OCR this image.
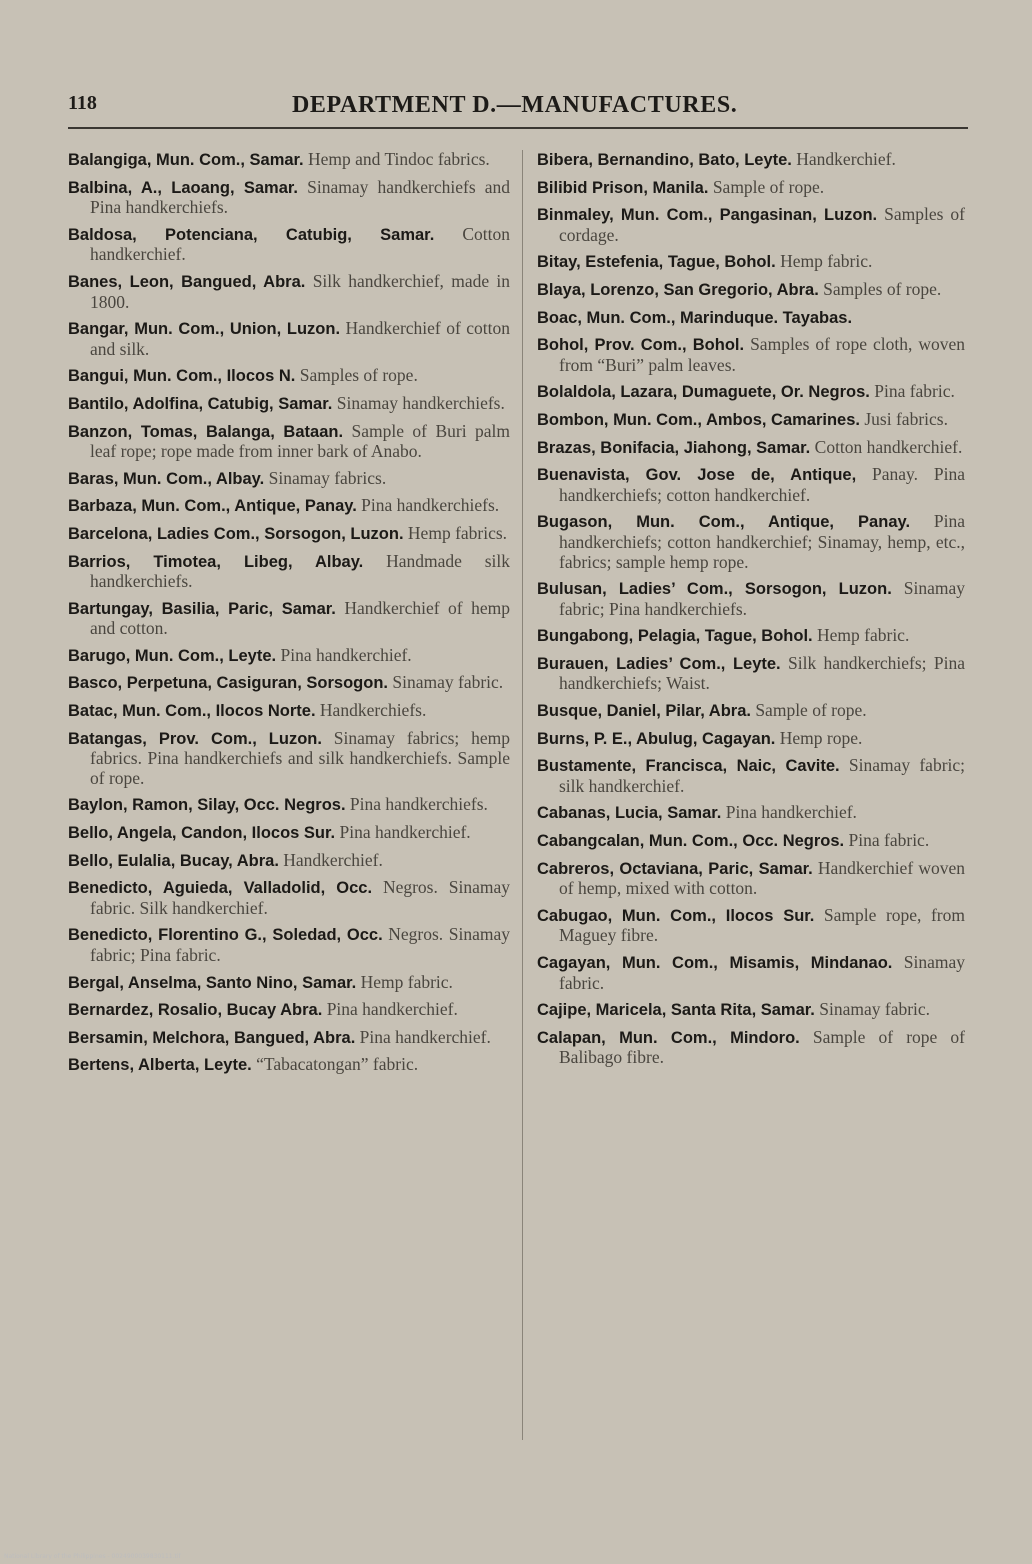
118	DEPARTMENT D.—MANUFACTURES.

Balangiga, Mun. Com., Samar. Hemp and Tindoc fabrics.

Balbina, A., Laoang, Samar. Sinamay handkerchiefs and Pina handkerchiefs.

Baldosa, Potenciana, Catubig, Samar. Cotton handkerchief.

Banes, Leon, Bangued, Abra. Silk handkerchief, made in 1800.

Bangar, Mun. Com., Union, Luzon. Handkerchief of cotton and silk.

Bangui, Mun. Com., Ilocos N. Samples of rope.

Bantilo, Adolfina, Catubig, Samar. Sinamay handkerchiefs.

Banzon, Tomas, Balanga, Bataan. Sample of Buri palm leaf rope; rope made from inner bark of Anabo.

Baras, Mun. Com., Albay. Sinamay fabrics.

Barbaza, Mun. Com., Antique, Panay. Pina handkerchiefs.

Barcelona, Ladies Com., Sorsogon, Luzon. Hemp fabrics.

Barrios, Timotea, Libeg, Albay. Handmade silk handkerchiefs.

Bartungay, Basilia, Paric, Samar. Handkerchief of hemp and cotton.

Barugo, Mun. Com., Leyte. Pina handkerchief.

Basco, Perpetuna, Casiguran, Sorsogon. Sinamay fabric.

Batac, Mun. Com., Ilocos Norte. Handkerchiefs.

Batangas, Prov. Com., Luzon. Sinamay fabrics; hemp fabrics. Pina handkerchiefs and silk handkerchiefs. Sample of rope.

Baylon, Ramon, Silay, Occ. Negros. Pina handkerchiefs.

Bello, Angela, Candon, Ilocos Sur. Pina handkerchief.

Bello, Eulalia, Bucay, Abra. Handkerchief.

Benedicto, Aguieda, Valladolid, Occ. Negros. Sinamay fabric. Silk handkerchief.

Benedicto, Florentino G., Soledad, Occ. Negros. Sinamay fabric; Pina fabric.

Bergal, Anselma, Santo Nino, Samar. Hemp fabric.

Bernardez, Rosalio, Bucay Abra. Pina handkerchief.

Bersamin, Melchora, Bangued, Abra. Pina handkerchief.

Bertens, Alberta, Leyte. “Tabacatongan” fabric.

Bibera, Bernandino, Bato, Leyte. Handkerchief.

Bilibid Prison, Manila. Sample of rope.

Binmaley, Mun. Com., Pangasinan, Luzon. Samples of cordage.

Bitay, Estefenia, Tague, Bohol. Hemp fabric.

Blaya, Lorenzo, San Gregorio, Abra. Samples of rope.

Boac, Mun. Com., Marinduque. Tayabas.

Bohol, Prov. Com., Bohol. Samples of rope cloth, woven from “Buri” palm leaves.

Bolaldola, Lazara, Dumaguete, Or. Negros. Pina fabric.

Bombon, Mun. Com., Ambos, Camarines. Jusi fabrics.

Brazas, Bonifacia, Jiahong, Samar. Cotton handkerchief.

Buenavista, Gov. Jose de, Antique, Panay. Pina handkerchiefs; cotton handkerchief.

Bugason, Mun. Com., Antique, Panay. Pina handkerchiefs; cotton handkerchief; Sinamay, hemp, etc., fabrics; sample hemp rope.

Bulusan, Ladies’ Com., Sorsogon, Luzon. Sinamay fabric; Pina handkerchiefs.

Bungabong, Pelagia, Tague, Bohol. Hemp fabric.

Burauen, Ladies’ Com., Leyte. Silk handkerchiefs; Pina handkerchiefs; Waist.

Busque, Daniel, Pilar, Abra. Sample of rope.

Burns, P. E., Abulug, Cagayan. Hemp rope.

Bustamente, Francisca, Naic, Cavite. Sinamay fabric; silk handkerchief.

Cabanas, Lucia, Samar. Pina handkerchief.

Cabangcalan, Mun. Com., Occ. Negros. Pina fabric.

Cabreros, Octaviana, Paric, Samar. Handkerchief woven of hemp, mixed with cotton.

Cabugao, Mun. Com., Ilocos Sur. Sample rope, from Maguey fibre.

Cagayan, Mun. Com., Misamis, Mindanao. Sinamay fabric.

Cajipe, Maricela, Santa Rita, Samar. Sinamay fabric.

Calapan, Mun. Com., Mindoro. Sample of rope of Balibago fibre.

National Library of the Philippines - 0024900039830111.tif
